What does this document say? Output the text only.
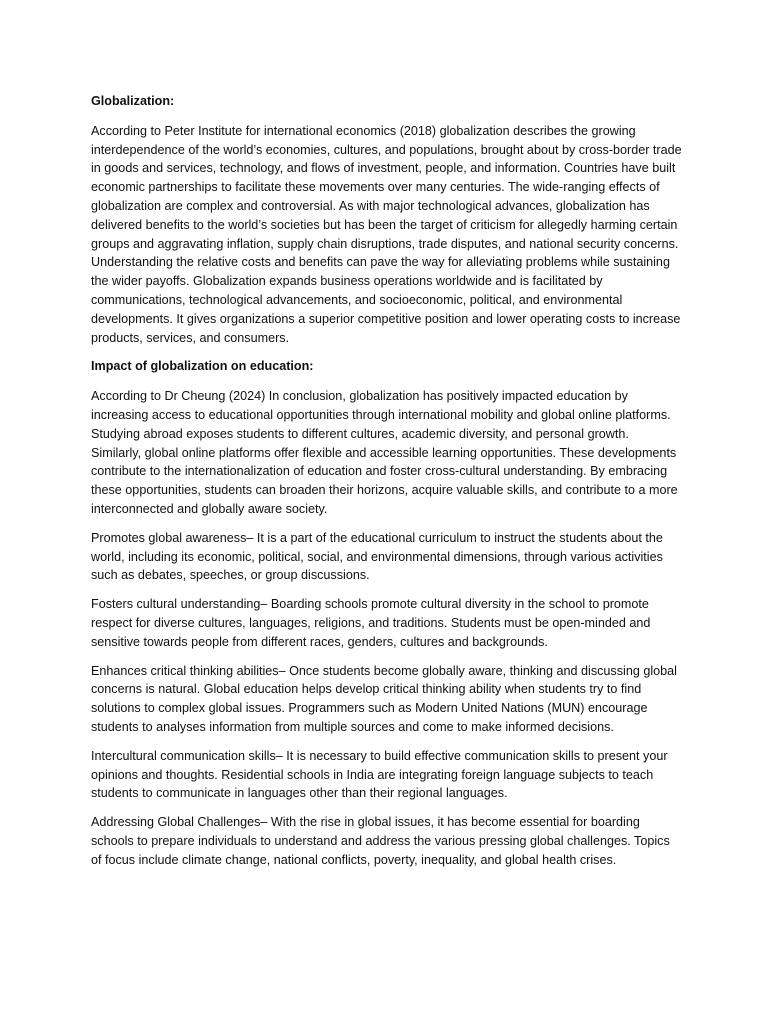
Globalization:
According to Peter Institute for international economics (2018) globalization describes the growing interdependence of the world’s economies, cultures, and populations, brought about by cross-border trade in goods and services, technology, and flows of investment, people, and information. Countries have built economic partnerships to facilitate these movements over many centuries. The wide-ranging effects of globalization are complex and controversial. As with major technological advances, globalization has delivered benefits to the world’s societies but has been the target of criticism for allegedly harming certain groups and aggravating inflation, supply chain disruptions, trade disputes, and national security concerns. Understanding the relative costs and benefits can pave the way for alleviating problems while sustaining the wider payoffs. Globalization expands business operations worldwide and is facilitated by communications, technological advancements, and socioeconomic, political, and environmental developments. It gives organizations a superior competitive position and lower operating costs to increase products, services, and consumers.
Impact of globalization on education:
According to Dr Cheung (2024) In conclusion, globalization has positively impacted education by increasing access to educational opportunities through international mobility and global online platforms. Studying abroad exposes students to different cultures, academic diversity, and personal growth. Similarly, global online platforms offer flexible and accessible learning opportunities. These developments contribute to the internationalization of education and foster cross-cultural understanding. By embracing these opportunities, students can broaden their horizons, acquire valuable skills, and contribute to a more interconnected and globally aware society.
Promotes global awareness– It is a part of the educational curriculum to instruct the students about the world, including its economic, political, social, and environmental dimensions, through various activities such as debates, speeches, or group discussions.
Fosters cultural understanding– Boarding schools promote cultural diversity in the school to promote respect for diverse cultures, languages, religions, and traditions. Students must be open-minded and sensitive towards people from different races, genders, cultures and backgrounds.
Enhances critical thinking abilities– Once students become globally aware, thinking and discussing global concerns is natural. Global education helps develop critical thinking ability when students try to find solutions to complex global issues. Programmers such as Modern United Nations (MUN) encourage students to analyses information from multiple sources and come to make informed decisions.
Intercultural communication skills– It is necessary to build effective communication skills to present your opinions and thoughts. Residential schools in India are integrating foreign language subjects to teach students to communicate in languages other than their regional languages.
Addressing Global Challenges– With the rise in global issues, it has become essential for boarding schools to prepare individuals to understand and address the various pressing global challenges. Topics of focus include climate change, national conflicts, poverty, inequality, and global health crises.
